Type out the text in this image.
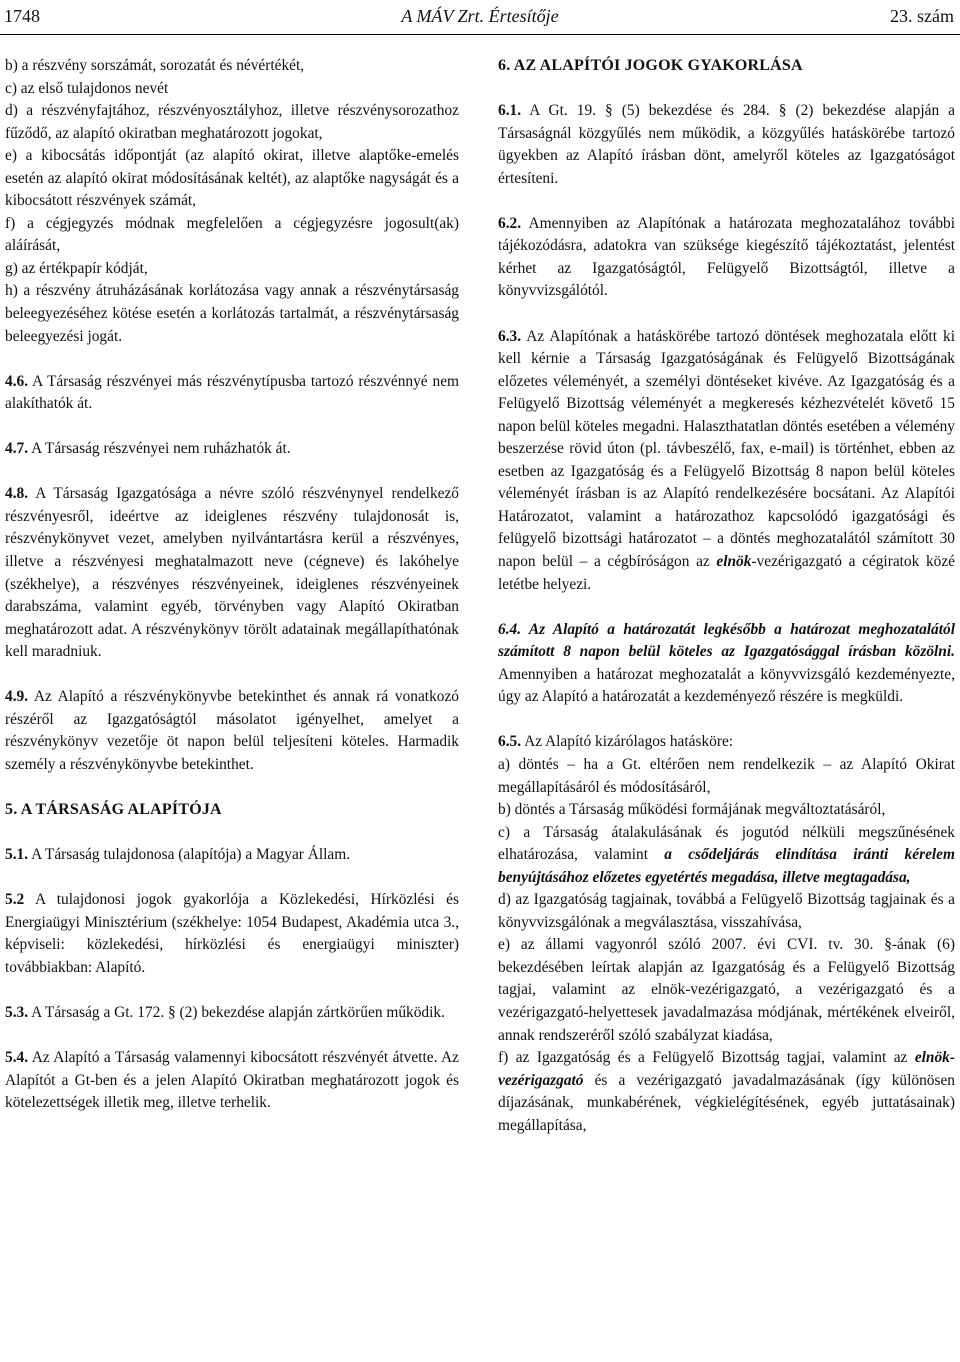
1748	A MÁV Zrt. Értesítője	23. szám

b) a részvény sorszámát, sorozatát és névértékét,

c) az első tulajdonos nevét

d) a részvényfajtához, részvényosztályhoz, illetve részvénysorozathoz fűződő, az alapító okiratban meghatározott jogokat,

e) a kibocsátás időpontját (az alapító okirat, illetve alaptőke-emelés esetén az alapító okirat módosításának keltét), az alaptőke nagyságát és a kibocsátott részvények számát,

f) a cégjegyzés módnak megfelelően a cégjegyzésre jogosult(ak) aláírását,

g) az értékpapír kódját,

h) a részvény átruházásának korlátozása vagy annak a részvénytársaság beleegyezéséhez kötése esetén a korlátozás tartalmát, a részvénytársaság beleegyezési jogát.

4.6. A Társaság részvényei más részvénytípusba tartozó részvénnyé nem alakíthatók át.

4.7. A Társaság részvényei nem ruházhatók át.

4.8. A Társaság Igazgatósága a névre szóló részvénynyel rendelkező részvényesről, ideértve az ideiglenes részvény tulajdonosát is, részvénykönyvet vezet, amelyben nyilvántartásra kerül a részvényes, illetve a részvényesi meghatalmazott neve (cégneve) és lakóhelye (székhelye), a részvényes részvényeinek, ideiglenes részvényeinek darabszáma, valamint egyéb, törvényben vagy Alapító Okiratban meghatározott adat. A részvénykönyv törölt adatainak megállapíthatónak kell maradniuk.

4.9. Az Alapító a részvénykönyvbe betekinthet és annak rá vonatkozó részéről az Igazgatóságtól másolatot igényelhet, amelyet a részvénykönyv vezetője öt napon belül teljesíteni köteles. Harmadik személy a részvénykönyvbe betekinthet.

5. A TÁRSASÁG ALAPÍTÓJA

5.1. A Társaság tulajdonosa (alapítója) a Magyar Állam.

5.2 A tulajdonosi jogok gyakorlója a Közlekedési, Hírközlési és Energiaügyi Minisztérium (székhelye: 1054 Budapest, Akadémia utca 3., képviseli: közlekedési, hírközlési és energiaügyi miniszter) továbbiakban: Alapító.

5.3. A Társaság a Gt. 172. § (2) bekezdése alapján zártkörűen működik.

5.4. Az Alapító a Társaság valamennyi kibocsátott részvényét átvette. Az Alapítót a Gt-ben és a jelen Alapító Okiratban meghatározott jogok és kötelezettségek illetik meg, illetve terhelik.

6. AZ ALAPÍTÓI JOGOK GYAKORLÁSA

6.1. A Gt. 19. § (5) bekezdése és 284. § (2) bekezdése alapján a Társaságnál közgyűlés nem működik, a közgyűlés hatáskörébe tartozó ügyekben az Alapító írásban dönt, amelyről köteles az Igazgatóságot értesíteni.

6.2. Amennyiben az Alapítónak a határozata meghozatalához további tájékozódásra, adatokra van szüksége kiegészítő tájékoztatást, jelentést kérhet az Igazgatóságtól, Felügyelő Bizottságtól, illetve a könyvvizsgálótól.

6.3. Az Alapítónak a hatáskörébe tartozó döntések meghozatala előtt ki kell kérnie a Társaság Igazgatóságának és Felügyelő Bizottságának előzetes véleményét, a személyi döntéseket kivéve. Az Igazgatóság és a Felügyelő Bizottság véleményét a megkeresés kézhezvételét követő 15 napon belül köteles megadni. Halaszthatatlan döntés esetében a vélemény beszerzése rövid úton (pl. távbeszélő, fax, e-mail) is történhet, ebben az esetben az Igazgatóság és a Felügyelő Bizottság 8 napon belül köteles véleményét írásban is az Alapító rendelkezésére bocsátani. Az Alapítói Határozatot, valamint a határozathoz kapcsolódó igazgatósági és felügyelő bizottsági határozatot – a döntés meghozatalától számított 30 napon belül – a cégbíróságon az elnök-vezérigazgató a cégiratok közé letétbe helyezi.

6.4. Az Alapító a határozatát legkésőbb a határozat meghozatalától számított 8 napon belül köteles az Igazgatósággal írásban közölni. Amennyiben a határozat meghozatalát a könyvvizsgáló kezdeményezte, úgy az Alapító a határozatát a kezdeményező részére is megküldi.

6.5. Az Alapító kizárólagos hatásköre:

a) döntés – ha a Gt. eltérően nem rendelkezik – az Alapító Okirat megállapításáról és módosításáról,

b) döntés a Társaság működési formájának megváltoztatásáról,

c) a Társaság átalakulásának és jogutód nélküli megszűnésének elhatározása, valamint a csődeljárás elindítása iránti kérelem benyújtásához előzetes egyetértés megadása, illetve megtagadása,

d) az Igazgatóság tagjainak, továbbá a Felügyelő Bizottság tagjainak és a könyvvizsgálónak a megválasztása, visszahívása,

e) az állami vagyonról szóló 2007. évi CVI. tv. 30. §-ának (6) bekezdésében leírtak alapján az Igazgatóság és a Felügyelő Bizottság tagjai, valamint az elnök-vezérigazgató, a vezérigazgató és a vezérigazgató-helyettesek javadalmazása módjának, mértékének elveiről, annak rendszeréről szóló szabályzat kiadása,

f) az Igazgatóság és a Felügyelő Bizottság tagjai, valamint az elnök-vezérigazgató és a vezérigazgató javadalmazásának (így különösen díjazásának, munkabérének, végkielégítésének, egyéb juttatásainak) megállapítása,
